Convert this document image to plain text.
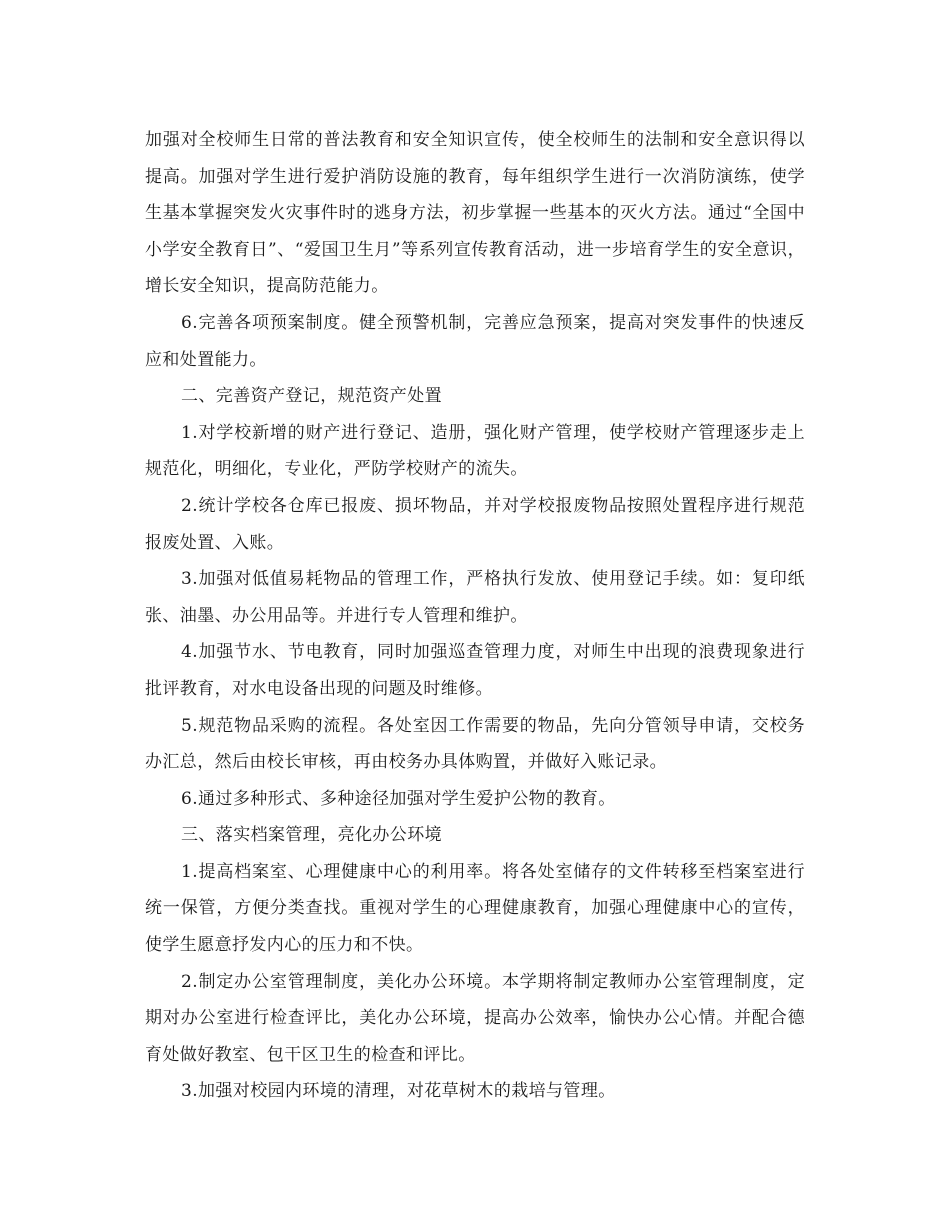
加强对全校师生日常的普法教育和安全知识宣传，使全校师生的法制和安全意识得以提高。加强对学生进行爱护消防设施的教育，每年组织学生进行一次消防演练，使学生基本掌握突发火灾事件时的逃身方法，初步掌握一些基本的灭火方法。通过“全国中小学安全教育日”、“爱国卫生月”等系列宣传教育活动，进一步培育学生的安全意识，增长安全知识，提高防范能力。

6.完善各项预案制度。健全预警机制，完善应急预案，提高对突发事件的快速反应和处置能力。

二、完善资产登记，规范资产处置

1.对学校新增的财产进行登记、造册，强化财产管理，使学校财产管理逐步走上规范化，明细化，专业化，严防学校财产的流失。

2.统计学校各仓库已报废、损坏物品，并对学校报废物品按照处置程序进行规范报废处置、入账。

3.加强对低值易耗物品的管理工作，严格执行发放、使用登记手续。如：复印纸张、油墨、办公用品等。并进行专人管理和维护。

4.加强节水、节电教育，同时加强巡查管理力度，对师生中出现的浪费现象进行批评教育，对水电设备出现的问题及时维修。

5.规范物品采购的流程。各处室因工作需要的物品，先向分管领导申请，交校务办汇总，然后由校长审核，再由校务办具体购置，并做好入账记录。

6.通过多种形式、多种途径加强对学生爱护公物的教育。

三、落实档案管理，亮化办公环境

1.提高档案室、心理健康中心的利用率。将各处室储存的文件转移至档案室进行统一保管，方便分类查找。重视对学生的心理健康教育，加强心理健康中心的宣传，使学生愿意抒发内心的压力和不快。

2.制定办公室管理制度，美化办公环境。本学期将制定教师办公室管理制度，定期对办公室进行检查评比，美化办公环境，提高办公效率，愉快办公心情。并配合德育处做好教室、包干区卫生的检查和评比。

3.加强对校园内环境的清理，对花草树木的栽培与管理。
